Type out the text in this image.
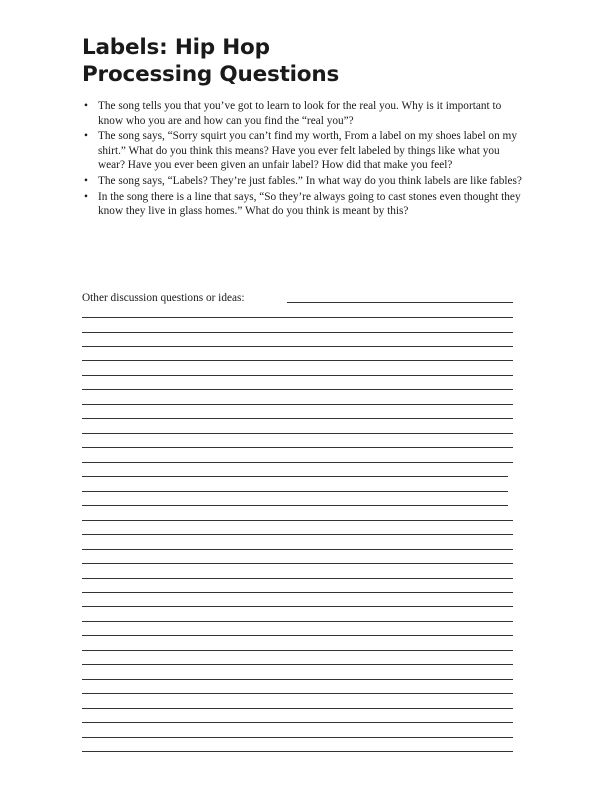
Labels: Hip Hop
Processing Questions
• The song tells you that you’ve got to learn to look for the real you. Why is it important to know who you are and how can you find the “real you”?
• The song says, “Sorry squirt you can’t find my worth, From a label on my shoes label on my shirt.” What do you think this means? Have you ever felt labeled by things like what you wear? Have you ever been given an unfair label? How did that make you feel?
• The song says, “Labels? They’re just fables.” In what way do you think labels are like fables?
• In the song there is a line that says, “So they’re always going to cast stones even thought they know they live in glass homes.” What do you think is meant by this?
Other discussion questions or ideas:
